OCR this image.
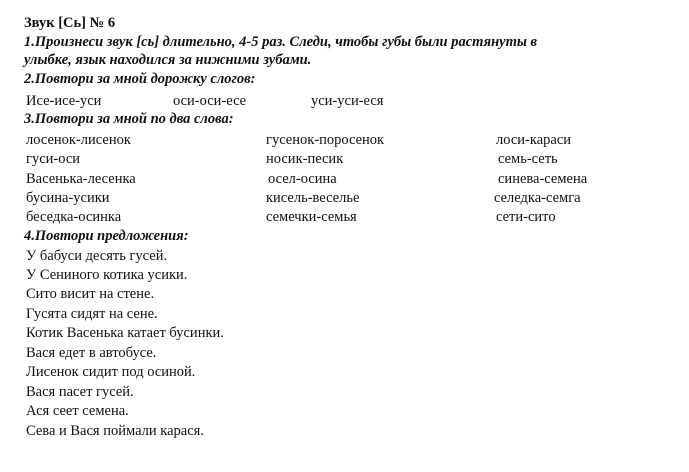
Звук [Сь] № 6
1.Произнеси звук [сь] длительно, 4-5 раз. Следи, чтобы губы были растянуты в
улыбке, язык находился за нижними зубами.
2.Повтори за мной дорожку слогов:
Исе-исе-уси	оси-оси-есе	уси-уси-еся
3.Повтори за мной по два слова:
лосенок-лисенок	гусенок-поросенок	лоси-караси
гуси-оси	носик-песик	семь-сеть
Васенька-лесенка	осел-осина	синева-семена
бусина-усики	кисель-веселье	селедка-семга
беседка-осинка	семечки-семья	сети-сито
4.Повтори предложения:
У бабуси десять гусей.
У Сениного котика усики.
Сито висит на стене.
Гусята сидят на сене.
Котик Васенька катает бусинки.
Вася едет в автобусе.
Лисенок сидит под осиной.
Вася пасет гусей.
Ася сеет семена.
Сева и Вася поймали карася.
